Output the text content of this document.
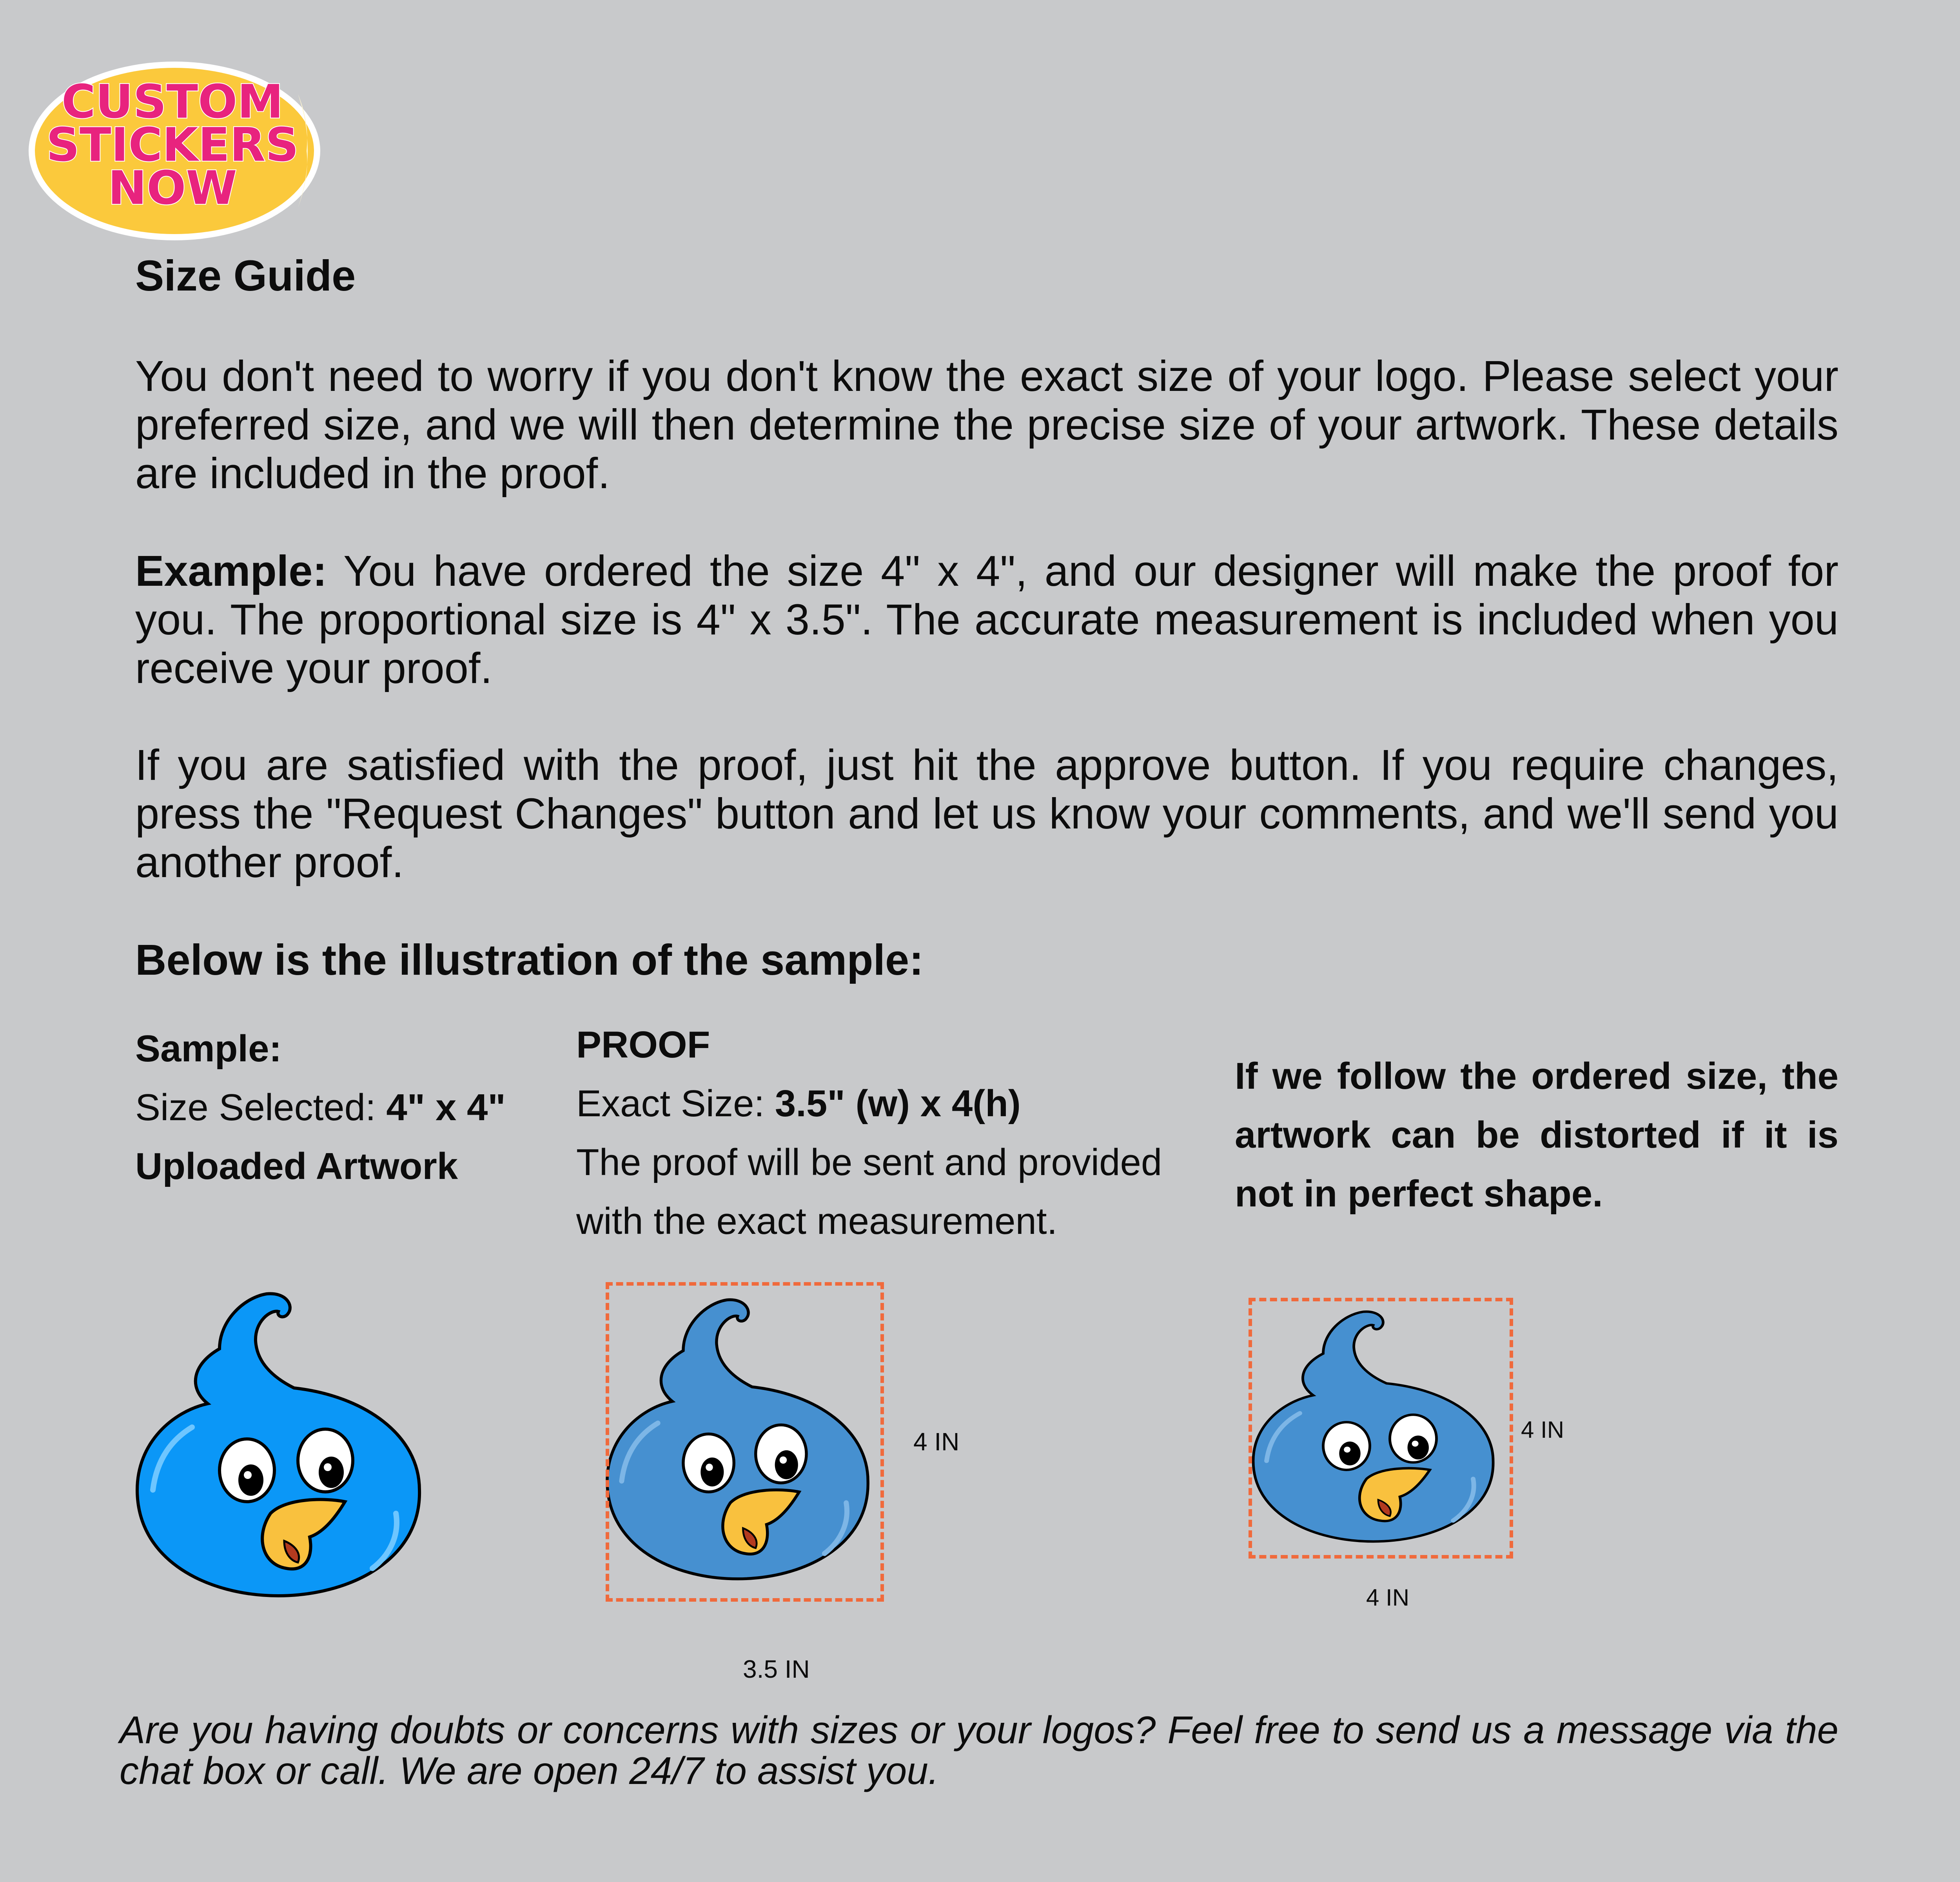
CUSTOM
STICKERS
NOW
Size Guide
You don't need to worry if you don't know the exact size of your logo. Please select your preferred size, and we will then determine the precise size of your artwork. These details are included in the proof.
Example: You have ordered the size 4" x 4", and our designer will make the proof for you. The proportional size is 4" x 3.5". The accurate measurement is included when you receive your proof.
If you are satisfied with the proof, just hit the approve button. If you require changes, press the "Request Changes" button and let us know your comments, and we'll send you another proof.
Below is the illustration of the sample:
Sample:
Size Selected: 4" x 4"
Uploaded Artwork
PROOF
Exact Size: 3.5" (w) x 4(h)
The proof will be sent and provided
with the exact measurement.
If we follow the ordered size, the artwork can be distorted if it is not in perfect shape.
4 IN
3.5 IN
4 IN
4 IN
Are you having doubts or concerns with sizes or your logos? Feel free to send us a message via the chat box or call. We are open 24/7 to assist you.
